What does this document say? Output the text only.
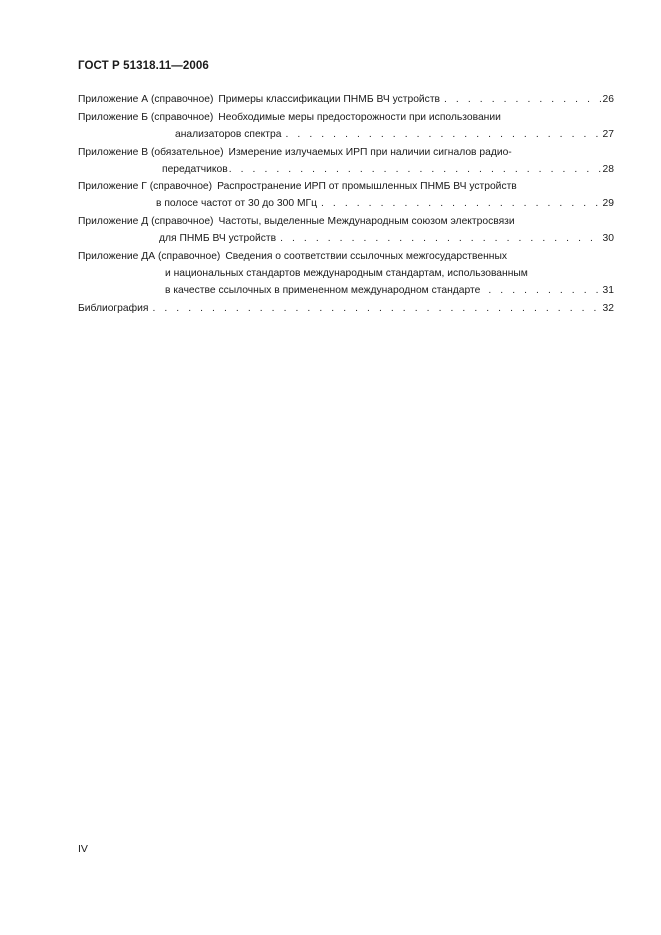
ГОСТ Р 51318.11—2006
Приложение А (справочное) Примеры классификации ПНМБ ВЧ устройств . . .	26
Приложение Б (справочное) Необходимые меры предосторожности при использовании
анализаторов спектра . . .	27
Приложение В (обязательное) Измерение излучаемых ИРП при наличии сигналов радио-
передатчиков . . .	28
Приложение Г (справочное) Распространение ИРП от промышленных ПНМБ ВЧ устройств
в полосе частот от 30 до 300 МГц . . .	29
Приложение Д (справочное) Частоты, выделенные Международным союзом электросвязи
для ПНМБ ВЧ устройств . . .	30
Приложение ДА (справочное) Сведения о соответствии ссылочных межгосударственных
и национальных стандартов международным стандартам, использованным
в качестве ссылочных в примененном международном стандарте . . .	31
Библиография . . .	32
IV
